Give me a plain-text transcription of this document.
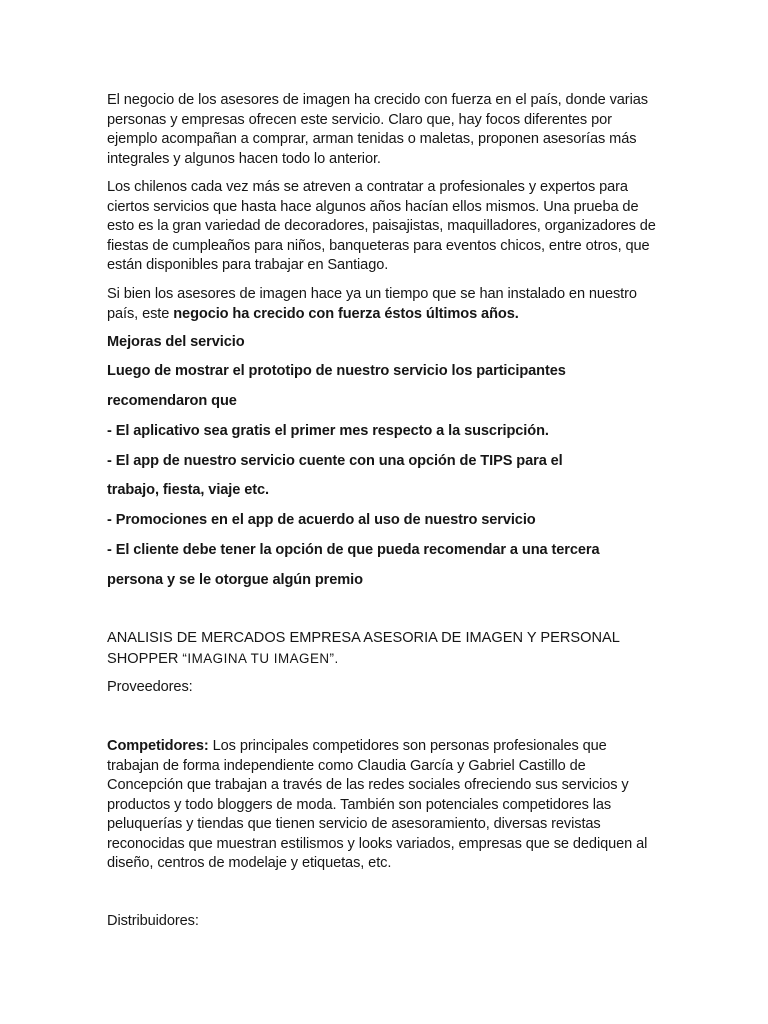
El negocio de los asesores de imagen ha crecido con fuerza en el país, donde varias personas y empresas ofrecen este servicio. Claro que, hay focos diferentes por ejemplo acompañan a comprar, arman tenidas o maletas, proponen asesorías más integrales y algunos hacen todo lo anterior.

Los chilenos cada vez más se atreven a contratar a profesionales y expertos para ciertos servicios que hasta hace algunos años hacían ellos mismos. Una prueba de esto es la gran variedad de decoradores, paisajistas, maquilladores, organizadores de fiestas de cumpleaños para niños, banqueteras para eventos chicos, entre otros, que están disponibles para trabajar en Santiago.

Si bien los asesores de imagen hace ya un tiempo que se han instalado en nuestro país, este negocio ha crecido con fuerza éstos últimos años.

Mejoras del servicio

Luego de mostrar el prototipo de nuestro servicio los participantes

recomendaron que

- El aplicativo sea gratis el primer mes respecto a la suscripción.

- El app de nuestro servicio cuente con una opción de TIPS para el

trabajo, fiesta, viaje etc.

- Promociones en el app de acuerdo al uso de nuestro servicio

- El cliente debe tener la opción de que pueda recomendar a una tercera

persona y se le otorgue algún premio

ANALISIS DE MERCADOS EMPRESA ASESORIA DE IMAGEN Y PERSONAL SHOPPER “IMAGINA TU IMAGEN”.

Proveedores:

Competidores: Los principales competidores son personas profesionales que trabajan de forma independiente como Claudia García y Gabriel Castillo de Concepción que trabajan a través de las redes sociales ofreciendo sus servicios y productos y todo bloggers de moda. También son potenciales competidores las peluquerías y tiendas que tienen servicio de asesoramiento, diversas revistas reconocidas que muestran estilismos y looks variados, empresas que se dediquen al diseño, centros de modelaje y etiquetas, etc.

Distribuidores:
